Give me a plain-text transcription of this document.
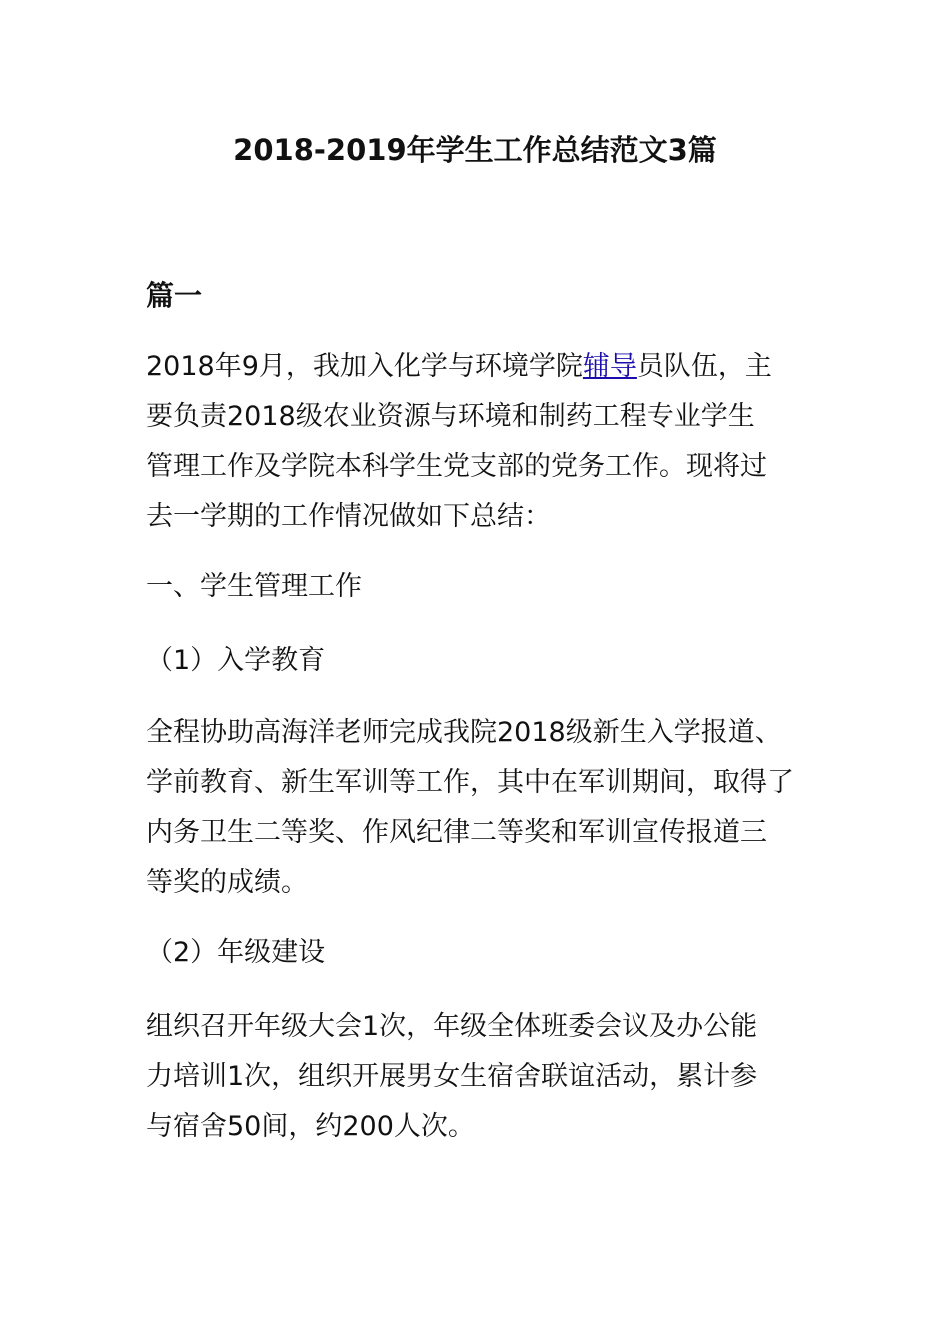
2018-2019年学生工作总结范文3篇
篇一
2018年9月，我加入化学与环境学院辅导员队伍，主
要负责2018级农业资源与环境和制药工程专业学生
管理工作及学院本科学生党支部的党务工作。现将过
去一学期的工作情况做如下总结：
一、学生管理工作
（1）入学教育
全程协助高海洋老师完成我院2018级新生入学报道、
学前教育、新生军训等工作，其中在军训期间，取得了
内务卫生二等奖、作风纪律二等奖和军训宣传报道三
等奖的成绩。
（2）年级建设
组织召开年级大会1次，年级全体班委会议及办公能
力培训1次，组织开展男女生宿舍联谊活动，累计参
与宿舍50间，约200人次。
